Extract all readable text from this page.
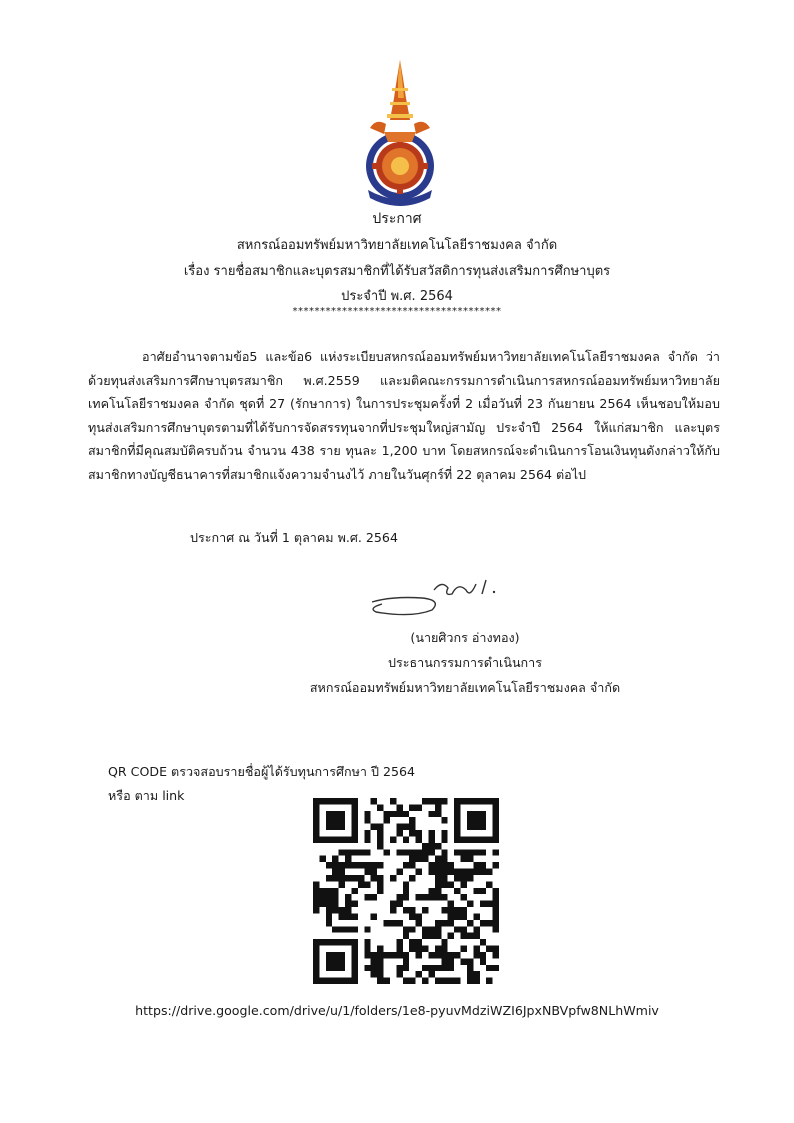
ประกาศ
สหกรณ์ออมทรัพย์มหาวิทยาลัยเทคโนโลยีราชมงคล จำกัด
เรื่อง รายชื่อสมาชิกและบุตรสมาชิกที่ได้รับสวัสดิการทุนส่งเสริมการศึกษาบุตร
ประจำปี พ.ศ. 2564
**************************************
อาศัยอำนาจตามข้อ5 และข้อ6 แห่งระเบียบสหกรณ์ออมทรัพย์มหาวิทยาลัยเทคโนโลยีราชมงคล จำกัด ว่าด้วยทุนส่งเสริมการศึกษาบุตรสมาชิก พ.ศ.2559 และมติคณะกรรมการดำเนินการสหกรณ์ออมทรัพย์มหาวิทยาลัยเทคโนโลยีราชมงคล จำกัด ชุดที่ 27 (รักษาการ) ในการประชุมครั้งที่ 2 เมื่อวันที่ 23 กันยายน 2564 เห็นชอบให้มอบทุนส่งเสริมการศึกษาบุตรตามที่ได้รับการจัดสรรทุนจากที่ประชุมใหญ่สามัญ ประจำปี 2564 ให้แก่สมาชิก และบุตรสมาชิกที่มีคุณสมบัติครบถ้วน จำนวน 438 ราย ทุนละ 1,200 บาท โดยสหกรณ์จะดำเนินการโอนเงินทุนดังกล่าวให้กับสมาชิกทางบัญชีธนาคารที่สมาชิกแจ้งความจำนงไว้ ภายในวันศุกร์ที่ 22 ตุลาคม 2564 ต่อไป
ประกาศ ณ วันที่ 1 ตุลาคม พ.ศ. 2564
(นายศิวกร อ่างทอง)
ประธานกรรมการดำเนินการ
สหกรณ์ออมทรัพย์มหาวิทยาลัยเทคโนโลยีราชมงคล จำกัด
QR CODE ตรวจสอบรายชื่อผู้ได้รับทุนการศึกษา ปี 2564
หรือ ตาม link
https://drive.google.com/drive/u/1/folders/1e8-pyuvMdziWZI6JpxNBVpfw8NLhWmiv
